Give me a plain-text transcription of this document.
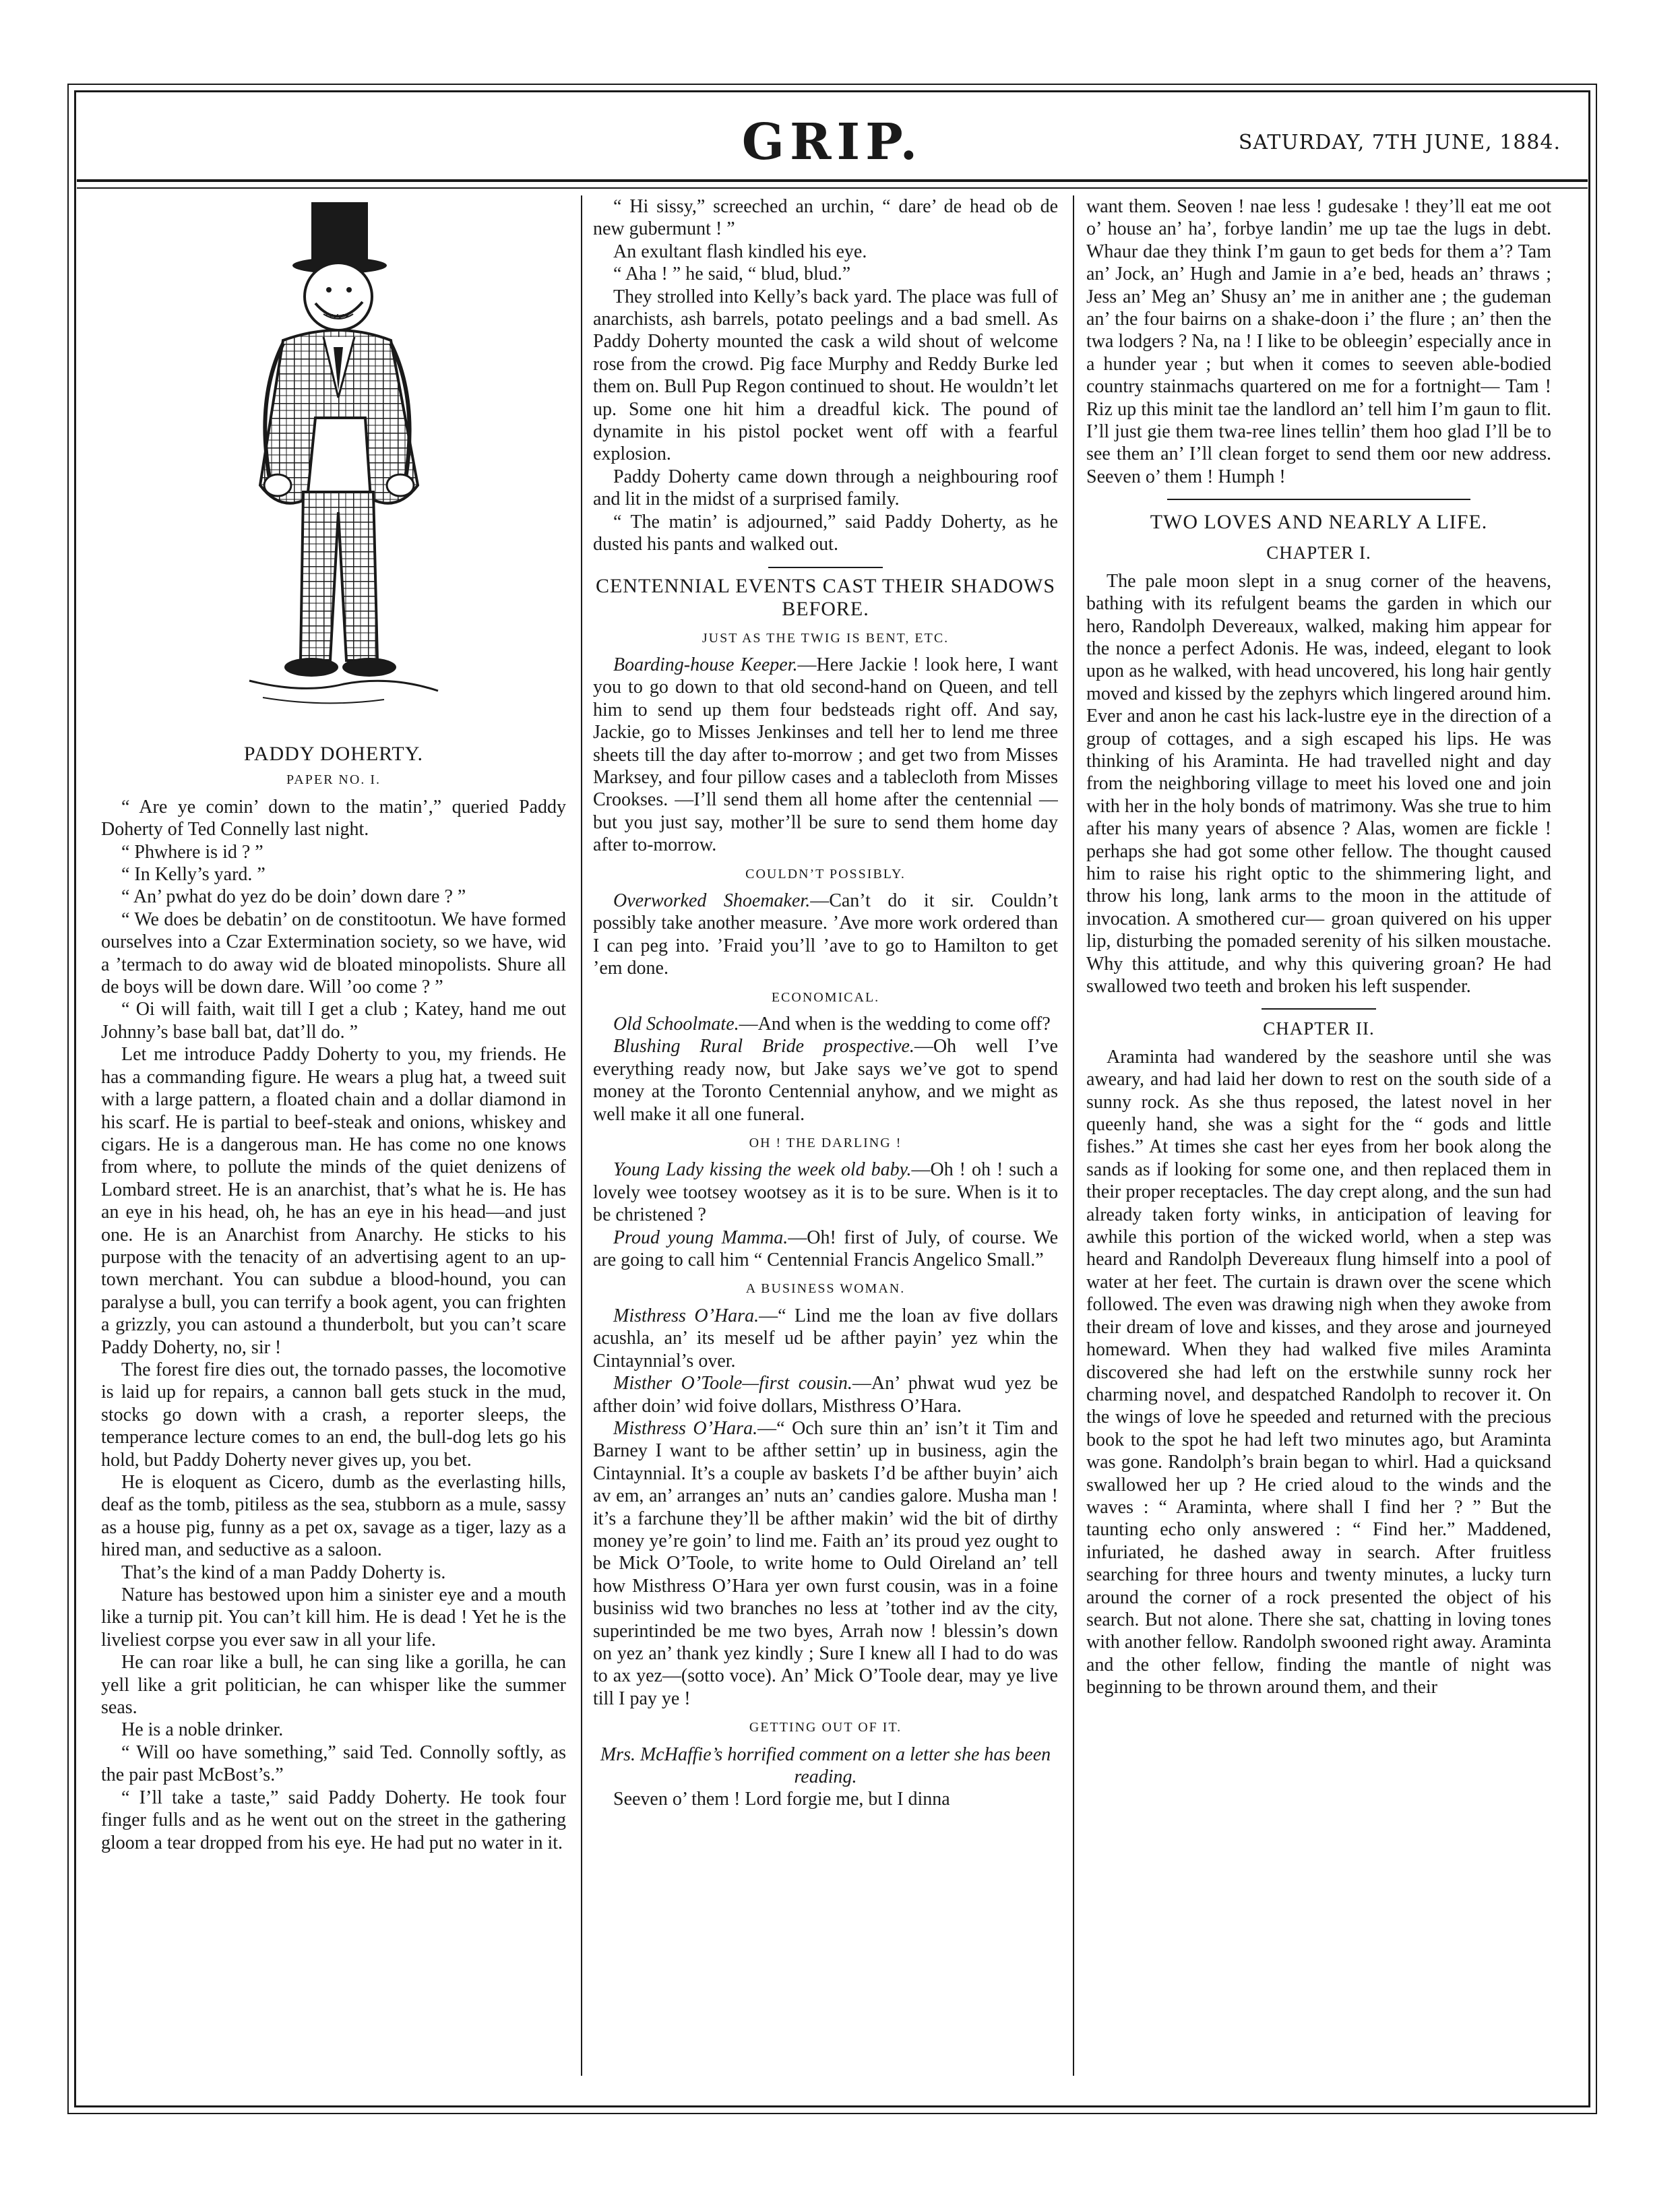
GRIP.	SATURDAY, 7TH JUNE, 1884.
PADDY DOHERTY.
PAPER NO. I.

“ Are ye comin’ down to the matin’,” queried Paddy Doherty of Ted Connelly last night.

“ Phwhere is id ? ”

“ In Kelly’s yard. ”

“ An’ pwhat do yez do be doin’ down dare ? ”

“ We does be debatin’ on de constitootun. We have formed ourselves into a Czar Extermination society, so we have, wid a ’termach to do away wid de bloated minopolists. Shure all de boys will be down dare. Will ’oo come ? ”

“ Oi will faith, wait till I get a club ; Katey, hand me out Johnny’s base ball bat, dat’ll do. ”

Let me introduce Paddy Doherty to you, my friends. He has a commanding figure. He wears a plug hat, a tweed suit with a large pattern, a floated chain and a dollar diamond in his scarf. He is partial to beef-steak and onions, whiskey and cigars. He is a dangerous man. He has come no one knows from where, to pollute the minds of the quiet denizens of Lombard street. He is an anarchist, that’s what he is. He has an eye in his head, oh, he has an eye in his head—and just one. He is an Anarchist from Anarchy. He sticks to his purpose with the tenacity of an advertising agent to an up-town merchant. You can subdue a blood-hound, you can paralyse a bull, you can terrify a book agent, you can frighten a grizzly, you can astound a thunderbolt, but you can’t scare Paddy Doherty, no, sir !

The forest fire dies out, the tornado passes, the locomotive is laid up for repairs, a cannon ball gets stuck in the mud, stocks go down with a crash, a reporter sleeps, the temperance lecture comes to an end, the bull-dog lets go his hold, but Paddy Doherty never gives up, you bet.

He is eloquent as Cicero, dumb as the everlasting hills, deaf as the tomb, pitiless as the sea, stubborn as a mule, sassy as a house pig, funny as a pet ox, savage as a tiger, lazy as a hired man, and seductive as a saloon.

That’s the kind of a man Paddy Doherty is.

Nature has bestowed upon him a sinister eye and a mouth like a turnip pit. You can’t kill him. He is dead ! Yet he is the liveliest corpse you ever saw in all your life.

He can roar like a bull, he can sing like a gorilla, he can yell like a grit politician, he can whisper like the summer seas.

He is a noble drinker.

“ Will oo have something,” said Ted. Connolly softly, as the pair past McBost’s.”

“ I’ll take a taste,” said Paddy Doherty. He took four finger fulls and as he went out on the street in the gathering gloom a tear dropped from his eye. He had put no water in it.

“ Hi sissy,” screeched an urchin, “ dare’ de head ob de new gubermunt ! ”

An exultant flash kindled his eye.

“ Aha ! ” he said, “ blud, blud.”

They strolled into Kelly’s back yard. The place was full of anarchists, ash barrels, potato peelings and a bad smell. As Paddy Doherty mounted the cask a wild shout of welcome rose from the crowd. Pig face Murphy and Reddy Burke led them on. Bull Pup Regon continued to shout. He wouldn’t let up. Some one hit him a dreadful kick. The pound of dynamite in his pistol pocket went off with a fearful explosion.

Paddy Doherty came down through a neighbouring roof and lit in the midst of a surprised family.

“ The matin’ is adjourned,” said Paddy Doherty, as he dusted his pants and walked out.

CENTENNIAL EVENTS CAST THEIR SHADOWS BEFORE.
JUST AS THE TWIG IS BENT, ETC.

Boarding-house Keeper.—Here Jackie ! look here, I want you to go down to that old second-hand on Queen, and tell him to send up them four bedsteads right off. And say, Jackie, go to Misses Jenkinses and tell her to lend me three sheets till the day after to-morrow ; and get two from Misses Marksey, and four pillow cases and a tablecloth from Misses Crookses. —I’ll send them all home after the centennial —but you just say, mother’ll be sure to send them home day after to-morrow.

COULDN’T POSSIBLY.

Overworked Shoemaker.—Can’t do it sir. Couldn’t possibly take another measure. ’Ave more work ordered than I can peg into. ’Fraid you’ll ’ave to go to Hamilton to get ’em done.

ECONOMICAL.

Old Schoolmate.—And when is the wedding to come off?

Blushing Rural Bride prospective.—Oh well I’ve everything ready now, but Jake says we’ve got to spend money at the Toronto Centennial anyhow, and we might as well make it all one funeral.

OH ! THE DARLING !

Young Lady kissing the week old baby.—Oh ! oh ! such a lovely wee tootsey wootsey as it is to be sure. When is it to be christened ?

Proud young Mamma.—Oh! first of July, of course. We are going to call him “ Centennial Francis Angelico Small.”

A BUSINESS WOMAN.

Misthress O’Hara.—“ Lind me the loan av five dollars acushla, an’ its meself ud be afther payin’ yez whin the Cintaynnial’s over.

Misther O’Toole—first cousin.—An’ phwat wud yez be afther doin’ wid foive dollars, Misthress O’Hara.

Misthress O’Hara.—“ Och sure thin an’ isn’t it Tim and Barney I want to be afther settin’ up in business, agin the Cintaynnial. It’s a couple av baskets I’d be afther buyin’ aich av em, an’ arranges an’ nuts an’ candies galore. Musha man ! it’s a farchune they’ll be afther makin’ wid the bit of dirthy money ye’re goin’ to lind me. Faith an’ its proud yez ought to be Mick O’Toole, to write home to Ould Oireland an’ tell how Misthress O’Hara yer own furst cousin, was in a foine businiss wid two branches no less at ’tother ind av the city, superintinded be me two byes, Arrah now ! blessin’s down on yez an’ thank yez kindly ; Sure I knew all I had to do was to ax yez—(sotto voce). An’ Mick O’Toole dear, may ye live till I pay ye !

GETTING OUT OF IT.

Mrs. McHaffie’s horrified comment on a letter she has been reading.

Seeven o’ them ! Lord forgie me, but I dinna

want them. Seoven ! nae less ! gudesake ! they’ll eat me oot o’ house an’ ha’, forbye landin’ me up tae the lugs in debt. Whaur dae they think I’m gaun to get beds for them a’? Tam an’ Jock, an’ Hugh and Jamie in a’e bed, heads an’ thraws ; Jess an’ Meg an’ Shusy an’ me in anither ane ; the gudeman an’ the four bairns on a shake-doon i’ the flure ; an’ then the twa lodgers ? Na, na ! I like to be obleegin’ especially ance in a hunder year ; but when it comes to seeven able-bodied country stainmachs quartered on me for a fortnight— Tam ! Riz up this minit tae the landlord an’ tell him I’m gaun to flit. I’ll just gie them twa-ree lines tellin’ them hoo glad I’ll be to see them an’ I’ll clean forget to send them oor new address. Seeven o’ them ! Humph !

TWO LOVES AND NEARLY A LIFE.
CHAPTER I.

The pale moon slept in a snug corner of the heavens, bathing with its refulgent beams the garden in which our hero, Randolph Deverеaux, walked, making him appear for the nonce a perfect Adonis. He was, indeed, elegant to look upon as he walked, with head uncovered, his long hair gently moved and kissed by the zephyrs which lingered around him. Ever and anon he cast his lack-lustre eye in the direction of a group of cottages, and a sigh escaped his lips. He was thinking of his Araminta. He had travelled night and day from the neighboring village to meet his loved one and join with her in the holy bonds of matrimony. Was she true to him after his many years of absence ? Alas, women are fickle ! perhaps she had got some other fellow. The thought caused him to raise his right optic to the shimmering light, and throw his long, lank arms to the moon in the attitude of invocation. A smothered cur— groan quivered on his upper lip, disturbing the pomaded serenity of his silken moustache. Why this attitude, and why this quivering groan? He had swallowed two teeth and broken his left suspender.

CHAPTER II.

Araminta had wandered by the seashore until she was aweary, and had laid her down to rest on the south side of a sunny rock. As she thus reposed, the latest novel in her queenly hand, she was a sight for the “ gods and little fishes.” At times she cast her eyes from her book along the sands as if looking for some one, and then replaced them in their proper receptacles. The day crept along, and the sun had already taken forty winks, in anticipation of leaving for awhile this portion of the wicked world, when a step was heard and Randolph Devereaux flung himself into a pool of water at her feet. The curtain is drawn over the scene which followed. The even was drawing nigh when they awoke from their dream of love and kisses, and they arose and journeyed homeward. When they had walked five miles Araminta discovered she had left on the erstwhile sunny rock her charming novel, and despatched Randolph to recover it. On the wings of love he speeded and returned with the precious book to the spot he had left two minutes ago, but Araminta was gone. Randolph’s brain began to whirl. Had a quicksand swallowed her up ? He cried aloud to the winds and the waves : “ Araminta, where shall I find her ? ” But the taunting echo only answered : “ Find her.” Maddened, infuriated, he dashed away in search. After fruitless searching for three hours and twenty minutes, a lucky turn around the corner of a rock presented the object of his search. But not alone. There she sat, chatting in loving tones with another fellow. Randolph swooned right away. Araminta and the other fellow, finding the mantle of night was beginning to be thrown around them, and their
